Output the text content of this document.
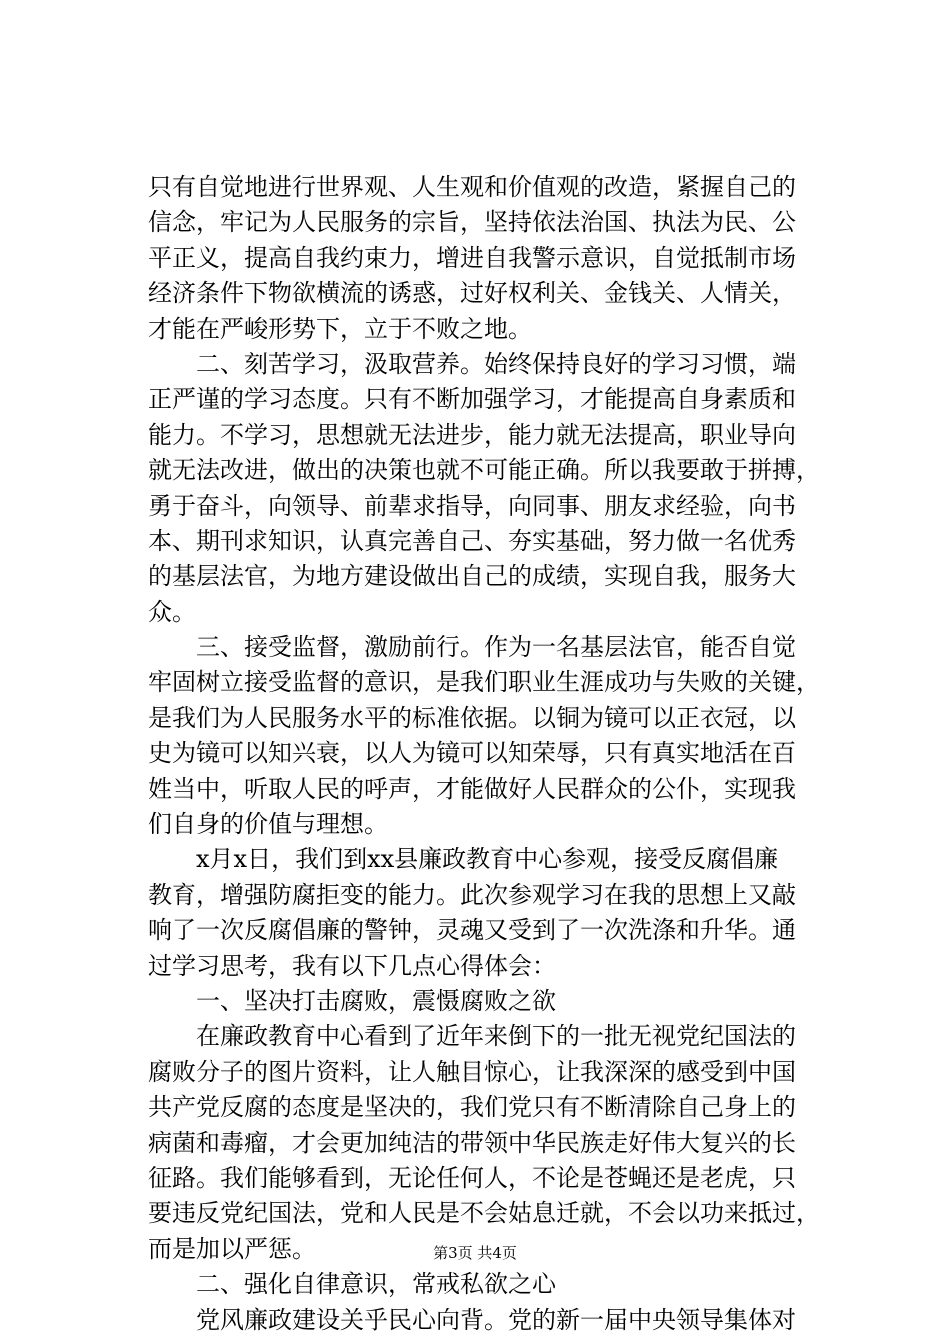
只有自觉地进行世界观、人生观和价值观的改造，紧握自己的
信念，牢记为人民服务的宗旨，坚持依法治国、执法为民、公
平正义，提高自我约束力，增进自我警示意识，自觉抵制市场
经济条件下物欲横流的诱惑，过好权利关、金钱关、人情关，
才能在严峻形势下，立于不败之地。
　　二、刻苦学习，汲取营养。始终保持良好的学习习惯，端
正严谨的学习态度。只有不断加强学习，才能提高自身素质和
能力。不学习，思想就无法进步，能力就无法提高，职业导向
就无法改进，做出的决策也就不可能正确。所以我要敢于拼搏，
勇于奋斗，向领导、前辈求指导，向同事、朋友求经验，向书
本、期刊求知识，认真完善自己、夯实基础，努力做一名优秀
的基层法官，为地方建设做出自己的成绩，实现自我，服务大
众。
　　三、接受监督，激励前行。作为一名基层法官，能否自觉
牢固树立接受监督的意识，是我们职业生涯成功与失败的关键，
是我们为人民服务水平的标准依据。以铜为镜可以正衣冠，以
史为镜可以知兴衰，以人为镜可以知荣辱，只有真实地活在百
姓当中，听取人民的呼声，才能做好人民群众的公仆，实现我
们自身的价值与理想。
　　x月x日，我们到xx县廉政教育中心参观，接受反腐倡廉
教育，增强防腐拒变的能力。此次参观学习在我的思想上又敲
响了一次反腐倡廉的警钟，灵魂又受到了一次洗涤和升华。通
过学习思考，我有以下几点心得体会：
　　一、坚决打击腐败，震慑腐败之欲
　　在廉政教育中心看到了近年来倒下的一批无视党纪国法的
腐败分子的图片资料，让人触目惊心，让我深深的感受到中国
共产党反腐的态度是坚决的，我们党只有不断清除自己身上的
病菌和毒瘤，才会更加纯洁的带领中华民族走好伟大复兴的长
征路。我们能够看到，无论任何人，不论是苍蝇还是老虎，只
要违反党纪国法，党和人民是不会姑息迁就，不会以功来抵过，
而是加以严惩。
　　二、强化自律意识，常戒私欲之心
　　党风廉政建设关乎民心向背。党的新一届中央领导集体对
第3页 共4页
